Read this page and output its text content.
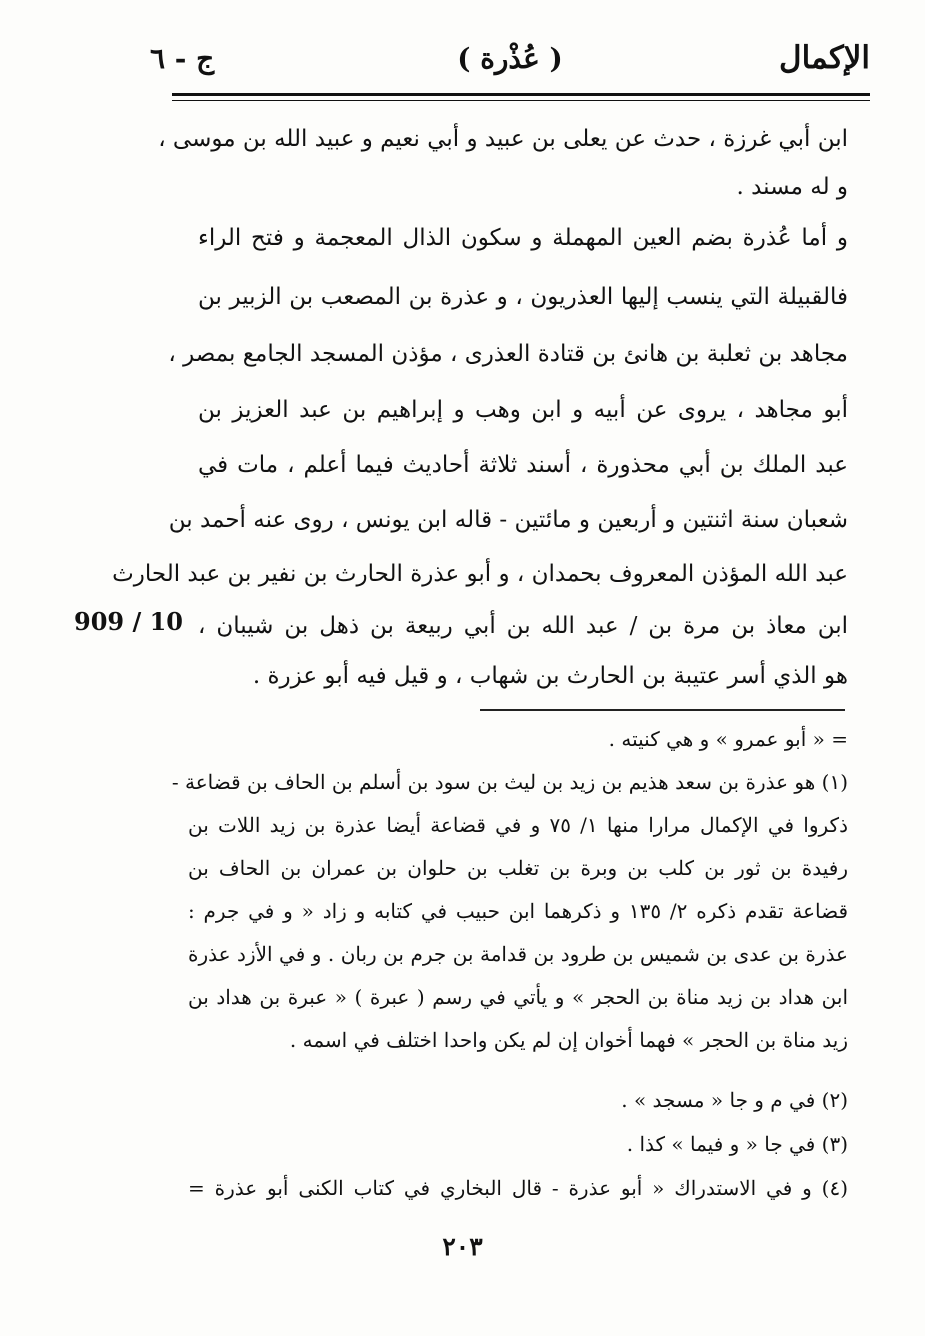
الإكمال
( عُذْرة )
ج - ٦
ابن أبي غرزة ، حدث عن يعلى بن عبيد و أبي نعيم و عبيد الله بن موسى ،
و له مسند .
و أما عُذرة بضم العين المهملة و سكون الذال المعجمة و فتح الراء
فالقبيلة التي ينسب إليها العذريون ، و عذرة بن المصعب بن الزبير بن
مجاهد بن ثعلبة بن هانئ بن قتادة العذرى ، مؤذن المسجد الجامع بمصر ،
أبو مجاهد ، يروى عن أبيه و ابن وهب و إبراهيم بن عبد العزيز بن
عبد الملك بن أبي محذورة ، أسند ثلاثة أحاديث فيما أعلم ، مات في
شعبان سنة اثنتين و أربعين و مائتين - قاله ابن يونس ، روى عنه أحمد بن
عبد الله المؤذن المعروف بحمدان ، و أبو عذرة الحارث بن نفير بن عبد الحارث
ابن معاذ بن مرة بن / عبد الله بن أبي ربيعة بن ذهل بن شيبان ،
هو الذي أسر عتيبة بن الحارث بن شهاب ، و قيل فيه أبو عزرة .
909 / 10
= « أبو عمرو » و هي كنيته .
(١) هو عذرة بن سعد هذيم بن زيد بن ليث بن سود بن أسلم بن الحاف بن قضاعة -
ذكروا في الإكمال مرارا منها ١/ ٧٥ و في قضاعة أيضا عذرة بن زيد اللات بن
رفيدة بن ثور بن كلب بن وبرة بن تغلب بن حلوان بن عمران بن الحاف بن
قضاعة تقدم ذكره ٢/ ١٣٥ و ذكرهما ابن حبيب في كتابه و زاد « و في جرم :
عذرة بن عدى بن شميس بن طرود بن قدامة بن جرم بن ربان . و في الأزد عذرة
ابن هداد بن زيد مناة بن الحجر » و يأتي في رسم ( عبرة ) « عبرة بن هداد بن
زيد مناة بن الحجر » فهما أخوان إن لم يكن واحدا اختلف في اسمه .
(٢) في م و جا « مسجد » .
(٣) في جا « و فيما » كذا .
(٤) و في الاستدراك « أبو عذرة - قال البخاري في كتاب الكنى أبو عذرة =
٢٠٣
